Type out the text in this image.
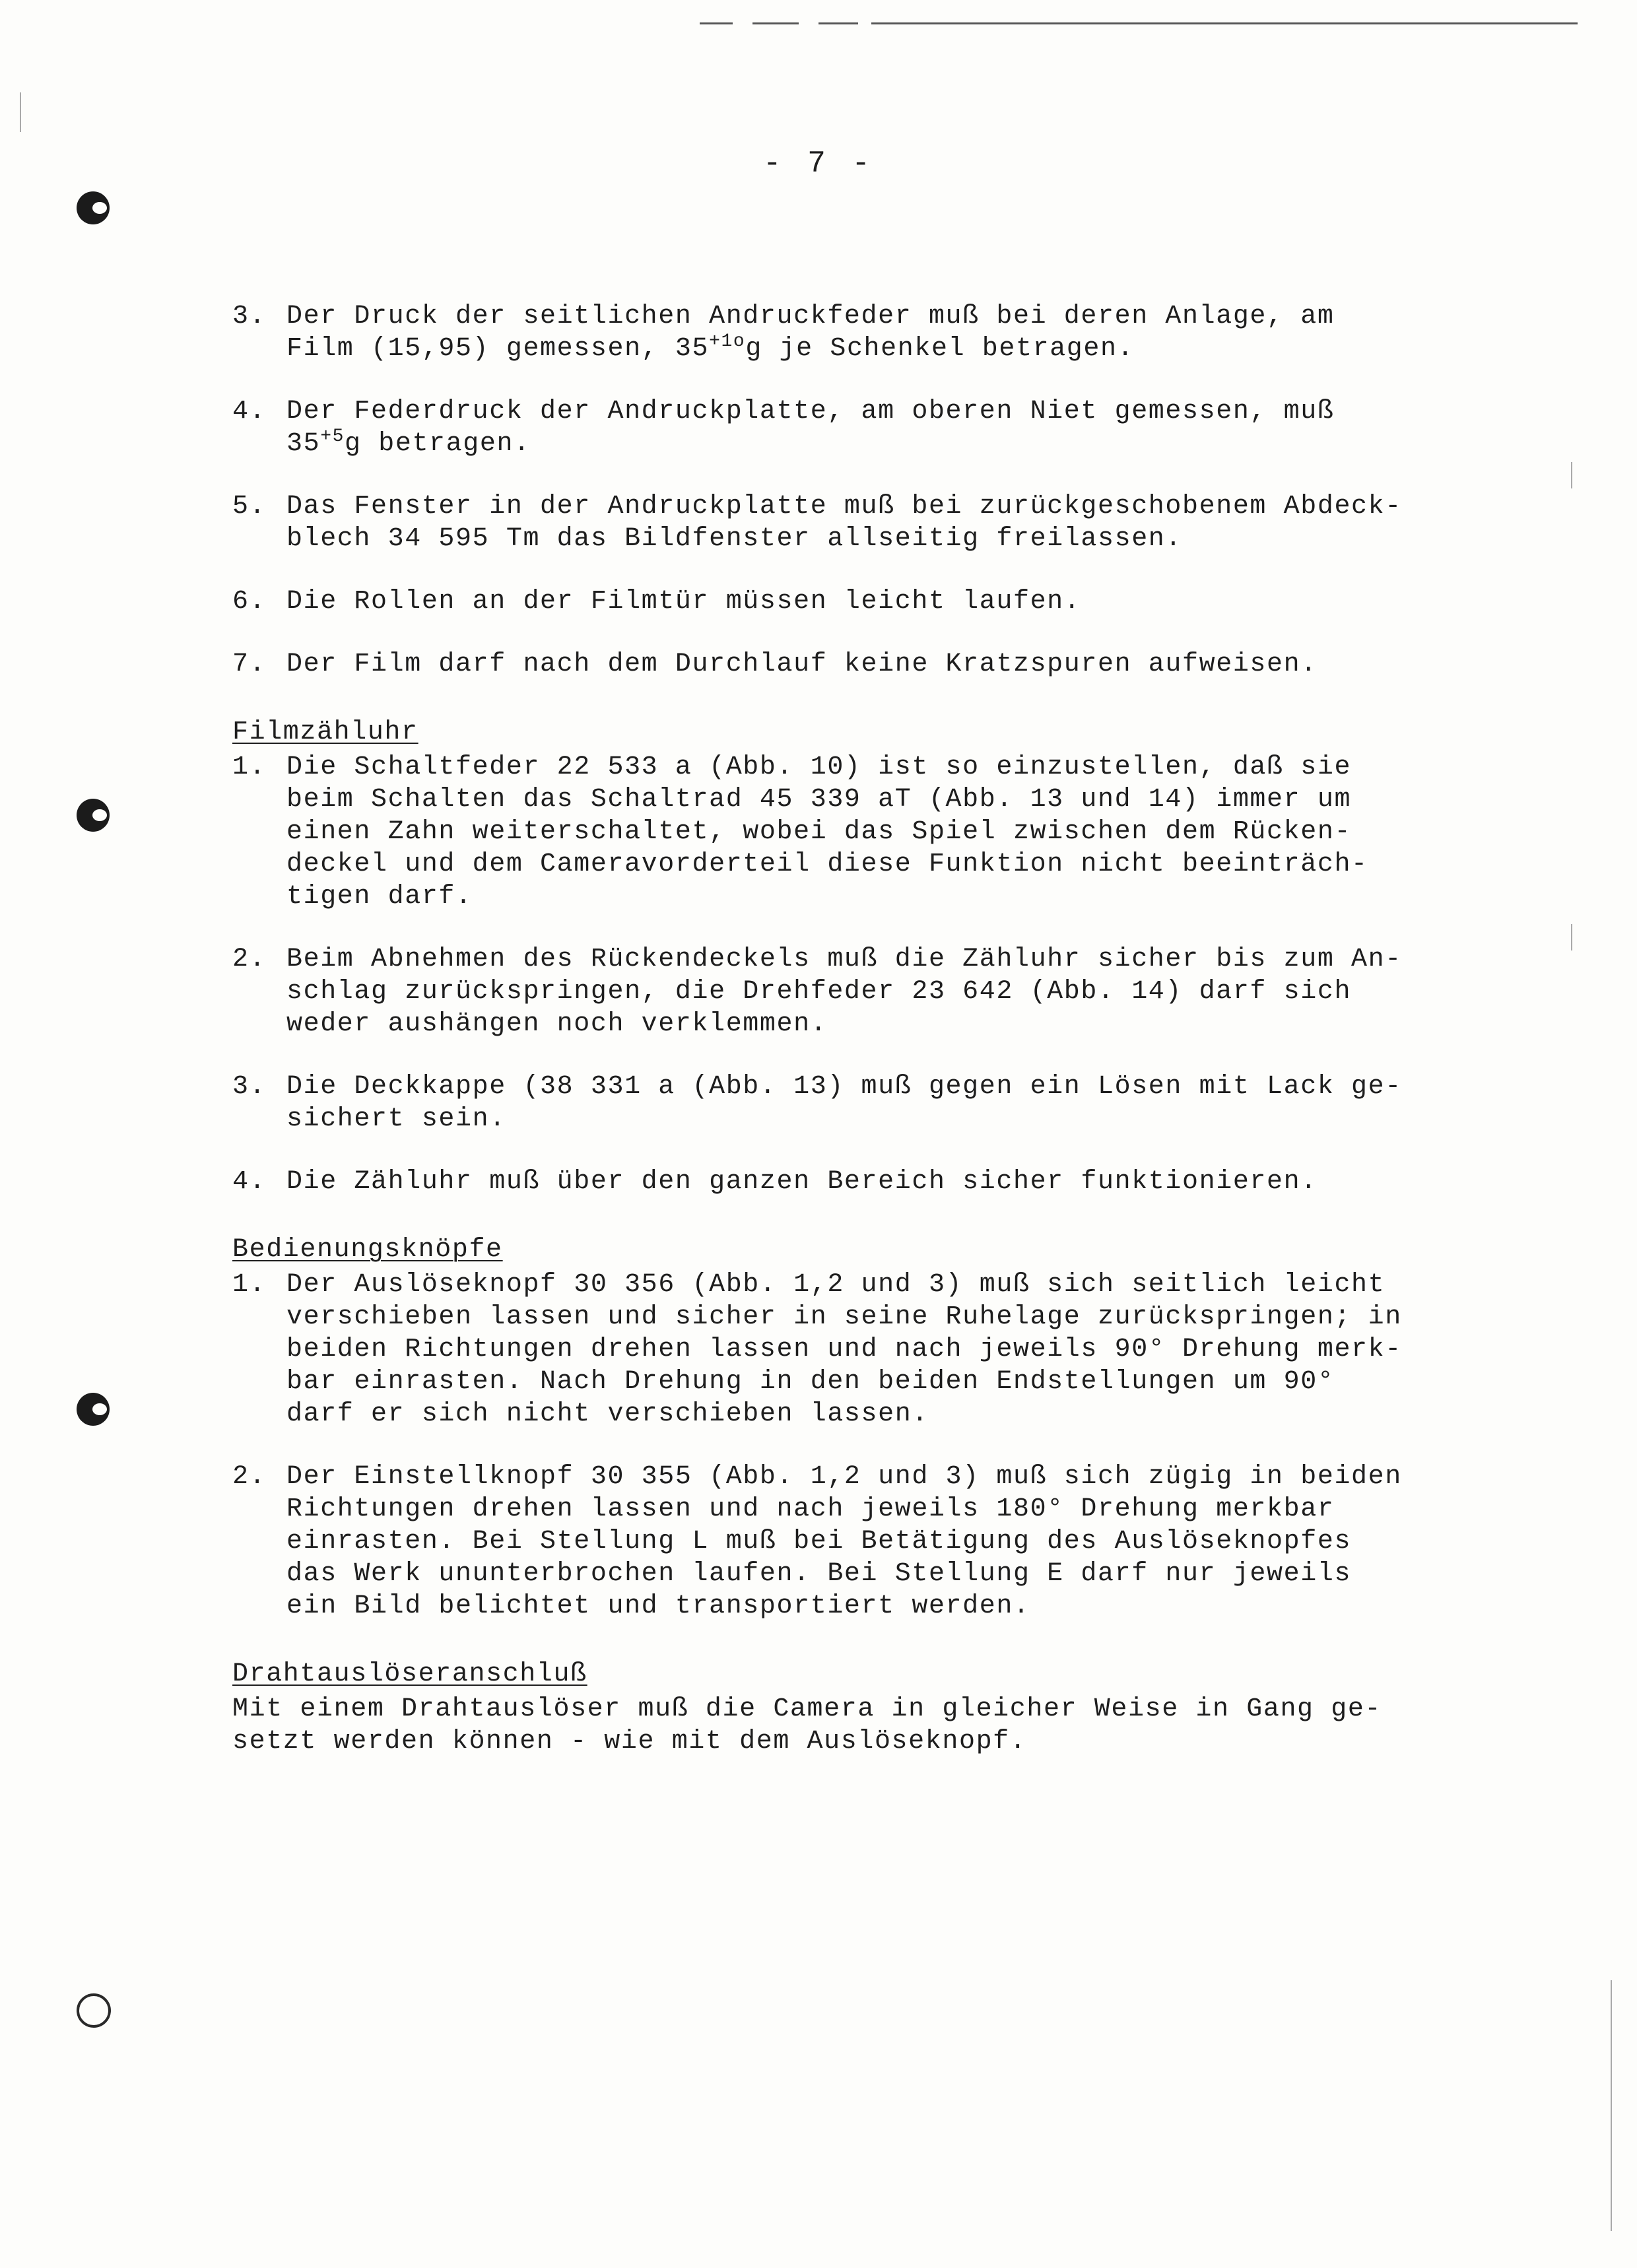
- 7 -
3. Der Druck der seitlichen Andruckfeder muß bei deren Anlage, am
Film (15,95) gemessen, $35^{+1o}g$ je Schenkel betragen.
4. Der Federdruck der Andruckplatte, am oberen Niet gemessen, muß
$35^{+5}g$ betragen.
5. Das Fenster in der Andruckplatte muß bei zurückgeschobenem Abdeck-
blech 34 595 Tm das Bildfenster allseitig freilassen.
6. Die Rollen an der Filmtür müssen leicht laufen.
7. Der Film darf nach dem Durchlauf keine Kratzspuren aufweisen.
Filmzähluhr
1. Die Schaltfeder 22 533 a (Abb. 10) ist so einzustellen, daß sie
beim Schalten das Schaltrad 45 339 aT (Abb. 13 und 14) immer um
einen Zahn weiterschaltet, wobei das Spiel zwischen dem Rücken-
deckel und dem Cameravorderteil diese Funktion nicht beeinträch-
tigen darf.
2. Beim Abnehmen des Rückendeckels muß die Zähluhr sicher bis zum An-
schlag zurückspringen, die Drehfeder 23 642 (Abb. 14) darf sich
weder aushängen noch verklemmen.
3. Die Deckkappe (38 331 a (Abb. 13) muß gegen ein Lösen mit Lack ge-
sichert sein.
4. Die Zähluhr muß über den ganzen Bereich sicher funktionieren.
Bedienungsknöpfe
1. Der Auslöseknopf 30 356 (Abb. 1,2 und 3) muß sich seitlich leicht
verschieben lassen und sicher in seine Ruhelage zurückspringen; in
beiden Richtungen drehen lassen und nach jeweils 90° Drehung merk-
bar einrasten. Nach Drehung in den beiden Endstellungen um 90°
darf er sich nicht verschieben lassen.
2. Der Einstellknopf 30 355 (Abb. 1,2 und 3) muß sich zügig in beiden
Richtungen drehen lassen und nach jeweils 180° Drehung merkbar
einrasten. Bei Stellung L muß bei Betätigung des Auslöseknopfes
das Werk ununterbrochen laufen. Bei Stellung E darf nur jeweils
ein Bild belichtet und transportiert werden.
Drahtauslöseranschluß
Mit einem Drahtauslöser muß die Camera in gleicher Weise in Gang ge-
setzt werden können - wie mit dem Auslöseknopf.
